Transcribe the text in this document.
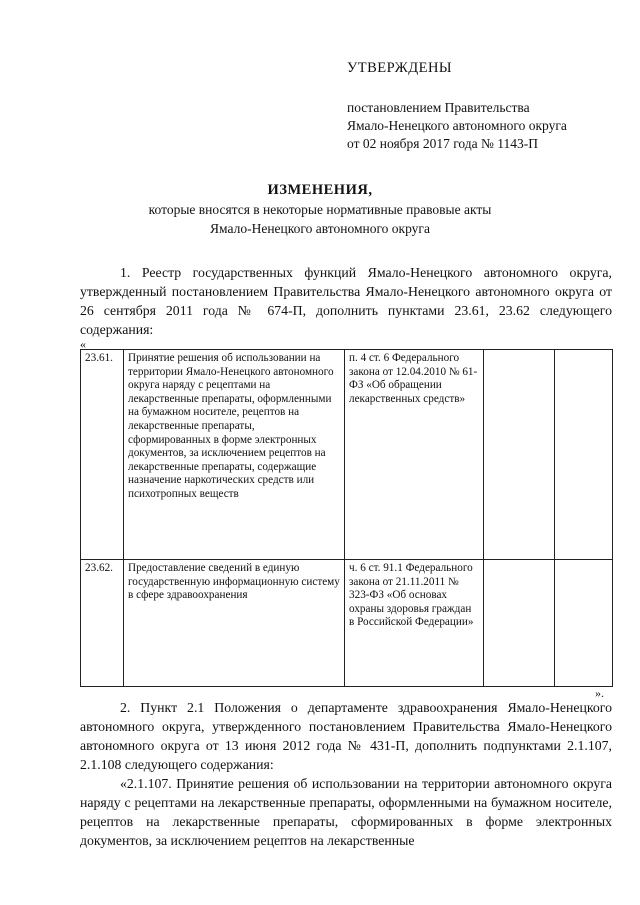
УТВЕРЖДЕНЫ
постановлением Правительства
Ямало-Ненецкого автономного округа
от 02 ноября 2017 года № 1143-П
ИЗМЕНЕНИЯ,
которые вносятся в некоторые нормативные правовые акты
Ямало-Ненецкого автономного округа

1. Реестр государственных функций Ямало-Ненецкого автономного округа, утвержденный постановлением Правительства Ямало-Ненецкого автономного округа от 26 сентября 2011 года № 674-П, дополнить пунктами 23.61, 23.62 следующего содержания:

«
23.61.	Принятие решения об использовании на территории Ямало-Ненецкого автономного округа наряду с рецептами на лекарственные препараты, оформленными на бумажном носителе, рецептов на лекарственные препараты, сформированных в форме электронных документов, за исключением рецептов на лекарственные препараты, содержащие назначение наркотических средств или психотропных веществ	п. 4 ст. 6 Федерального закона от 12.04.2010 № 61-ФЗ «Об обращении лекарственных средств»		
23.62.	Предоставление сведений в единую государственную информационную систему в сфере здравоохранения	ч. 6 ст. 91.1 Федерального закона от 21.11.2011 № 323-ФЗ «Об основах охраны здоровья граждан в Российской Федерации»		
».

2. Пункт 2.1 Положения о департаменте здравоохранения Ямало-Ненецкого автономного округа, утвержденного постановлением Правительства Ямало-Ненецкого автономного округа от 13 июня 2012 года № 431-П, дополнить подпунктами 2.1.107, 2.1.108 следующего содержания:

«2.1.107. Принятие решения об использовании на территории автономного округа наряду с рецептами на лекарственные препараты, оформленными на бумажном носителе, рецептов на лекарственные препараты, сформированных в форме электронных документов, за исключением рецептов на лекарственные
